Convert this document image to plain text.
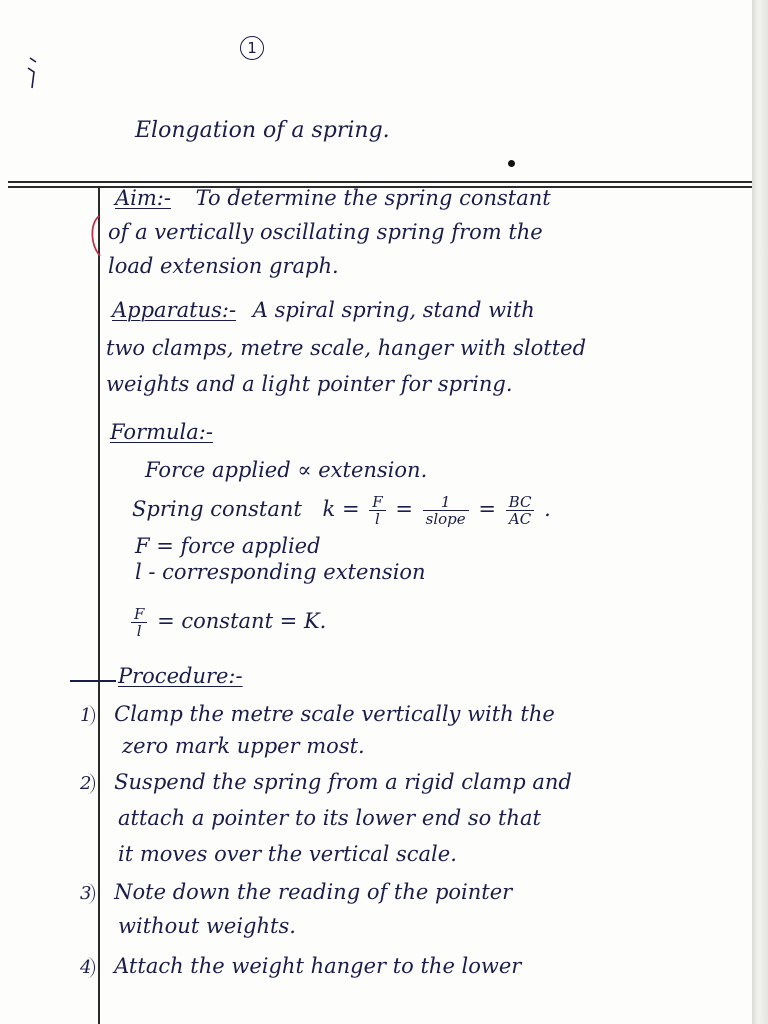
1
Elongation of a spring.
Aim:- To determine the spring constant
of a vertically oscillating spring from the
load extension graph.
Apparatus:- A spiral spring, stand with
two clamps, metre scale, hanger with slotted
weights and a light pointer for spring.
Formula:-
Force applied ∝ extension.
Spring constant $k = \frac{F}{l} = \frac{1}{\text{slope}} = \frac{BC}{AC}$ .
F = force applied
l - corresponding extension
$\frac{F}{l}$ = constant = K.
Procedure:-
1 Clamp the metre scale vertically with the
zero mark upper most.
2 Suspend the spring from a rigid clamp and
attach a pointer to its lower end so that
it moves over the vertical scale.
3 Note down the reading of the pointer
without weights.
4 Attach the weight hanger to the lower
